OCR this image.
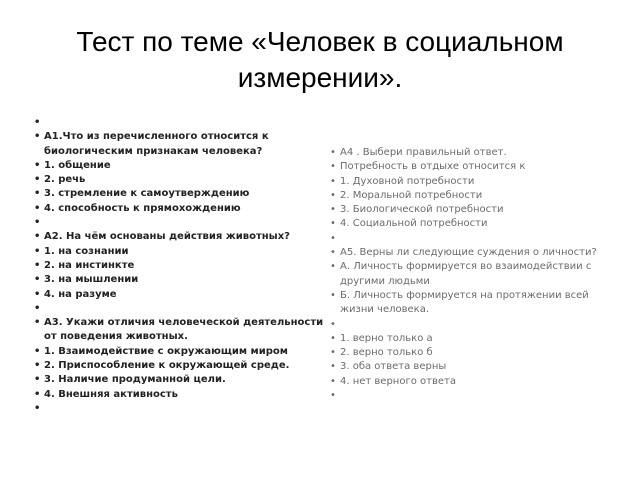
Тест по теме «Человек в социальном измерении».
•
• А1.Что из перечисленного относится к биологическим признакам человека?
• 1. общение
• 2. речь
• 3. стремление к самоутверждению
• 4. способность к прямохождению
•
• А2. На чём основаны действия животных?
• 1. на сознании
• 2. на инстинкте
• 3. на мышлении
• 4. на разуме
•
• А3. Укажи отличия человеческой деятельности от поведения животных.
• 1. Взаимодействие с окружающим миром
• 2. Приспособление к окружающей среде.
• 3. Наличие продуманной цели.
• 4. Внешняя активность
•
• А4 . Выбери правильный ответ.
• Потребность в отдыхе относится к
• 1. Духовной потребности
• 2. Моральной потребности
• 3. Биологической потребности
• 4. Социальной потребности
•
• А5. Верны ли следующие суждения о личности?
• А. Личность формируется во взаимодействии с другими людьми
• Б. Личность формируется на протяжении всей жизни человека.
•
• 1. верно только а
• 2. верно только б
• 3. оба ответа верны
• 4. нет верного ответа
•
